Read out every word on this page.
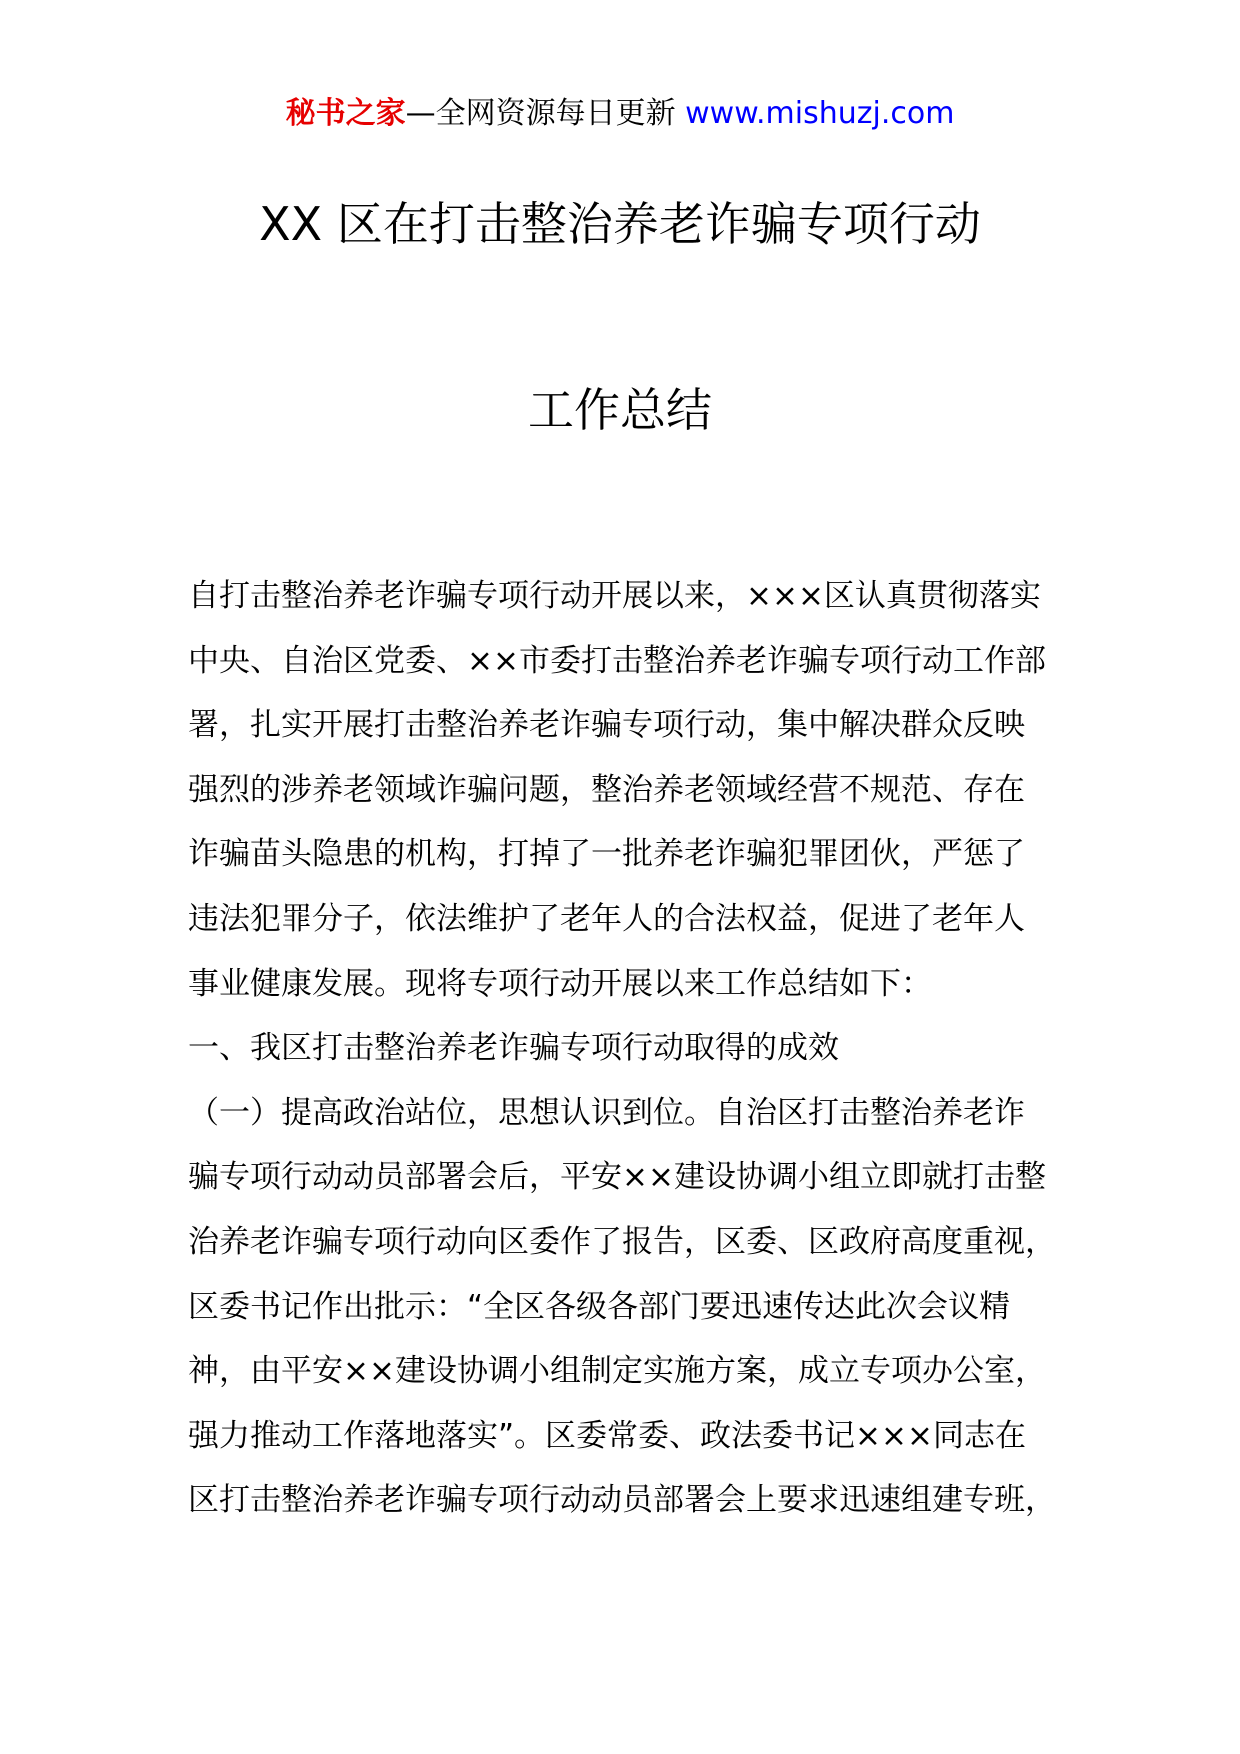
秘书之家—全网资源每日更新 www.mishuzj.com
XX 区在打击整治养老诈骗专项行动
工作总结
自打击整治养老诈骗专项行动开展以来，×××区认真贯彻落实
中央、自治区党委、××市委打击整治养老诈骗专项行动工作部
署，扎实开展打击整治养老诈骗专项行动，集中解决群众反映
强烈的涉养老领域诈骗问题，整治养老领域经营不规范、存在
诈骗苗头隐患的机构，打掉了一批养老诈骗犯罪团伙，严惩了
违法犯罪分子，依法维护了老年人的合法权益，促进了老年人
事业健康发展。现将专项行动开展以来工作总结如下：
一、我区打击整治养老诈骗专项行动取得的成效
（一）提高政治站位，思想认识到位。自治区打击整治养老诈
骗专项行动动员部署会后，平安××建设协调小组立即就打击整
治养老诈骗专项行动向区委作了报告，区委、区政府高度重视，
区委书记作出批示：“全区各级各部门要迅速传达此次会议精
神，由平安××建设协调小组制定实施方案，成立专项办公室，
强力推动工作落地落实”。区委常委、政法委书记×××同志在
区打击整治养老诈骗专项行动动员部署会上要求迅速组建专班，
